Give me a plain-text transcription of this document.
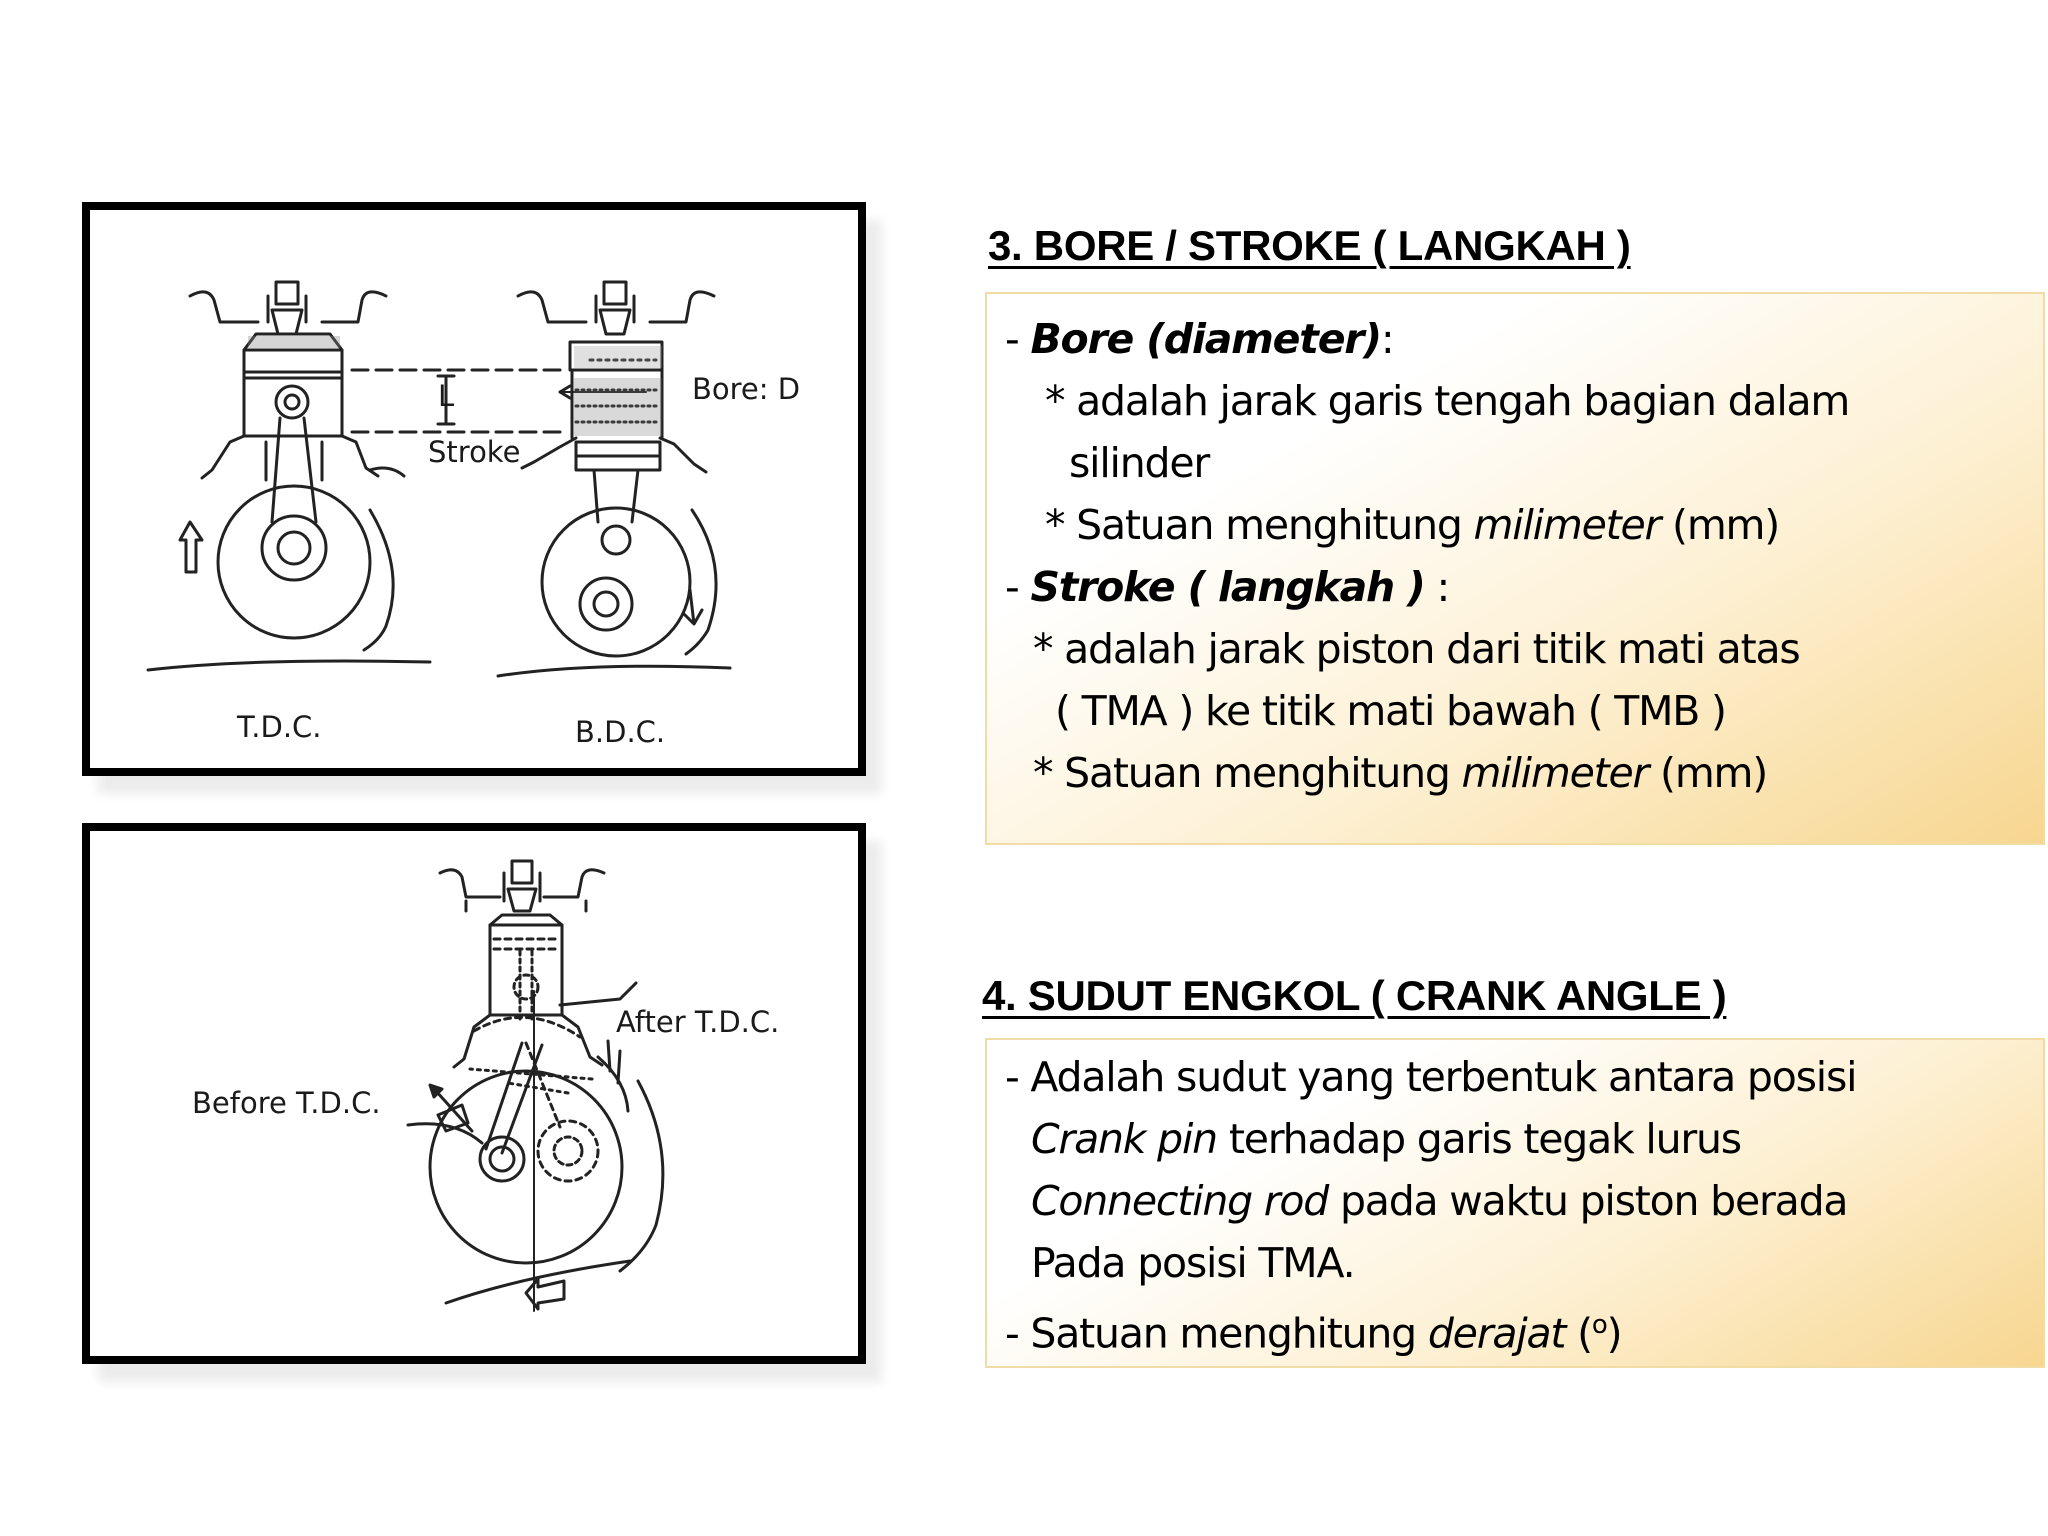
T.D.C.	B.D.C.
Bore: D
Stroke
L
Before T.D.C.
After T.D.C.
3. BORE / STROKE ( LANGKAH )
- Bore (diameter):
* adalah jarak garis tengah bagian dalam
silinder
* Satuan menghitung milimeter (mm)
- Stroke ( langkah ) :
* adalah jarak piston dari titik mati atas
( TMA ) ke titik mati bawah ( TMB )
* Satuan menghitung milimeter (mm)
4. SUDUT ENGKOL ( CRANK ANGLE )
- Adalah sudut yang terbentuk antara posisi
Crank pin terhadap garis tegak lurus
Connecting rod pada waktu piston berada
Pada posisi TMA.
- Satuan menghitung derajat ($^o$)
